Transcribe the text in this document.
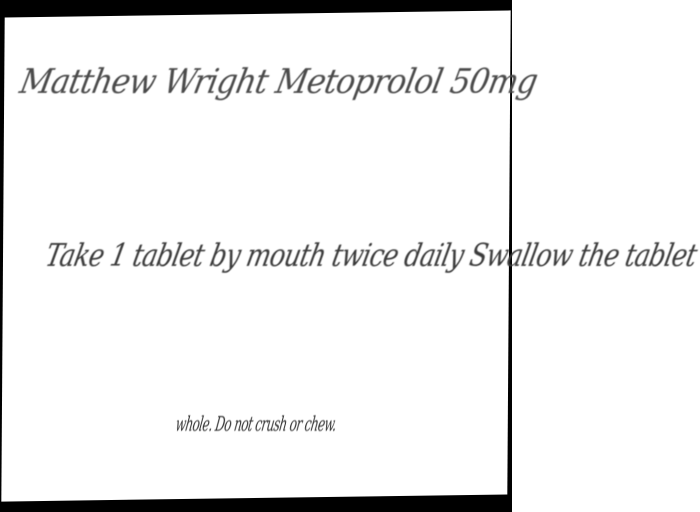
Matthew Wright Metoprolol 50mg
Take 1 tablet by mouth twice daily Swallow the tablet
whole. Do not crush or chew.
